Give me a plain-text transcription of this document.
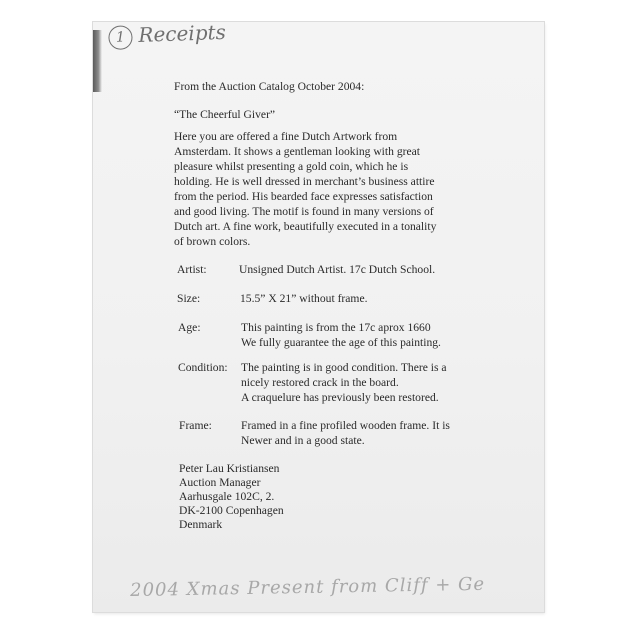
1 Receipts
From the Auction Catalog October 2004:
“The Cheerful Giver”
Here you are offered a fine Dutch Artwork from
Amsterdam. It shows a gentleman looking with great
pleasure whilst presenting a gold coin, which he is
holding. He is well dressed in merchant’s business attire
from the period. His bearded face expresses satisfaction
and good living. The motif is found in many versions of
Dutch art. A fine work, beautifully executed in a tonality
of brown colors.
Artist:	Unsigned Dutch Artist. 17c Dutch School.
Size:	15.5” X 21” without frame.
Age:	This painting is from the 17c aprox 1660
We fully guarantee the age of this painting.
Condition: The painting is in good condition. There is a
nicely restored crack in the board.
A craquelure has previously been restored.
Frame:	Framed in a fine profiled wooden frame. It is
Newer and in a good state.
Peter Lau Kristiansen
Auction Manager
Aarhusgale 102C, 2.
DK-2100 Copenhagen
Denmark
2004 Xmas Present from Cliff + Ge
